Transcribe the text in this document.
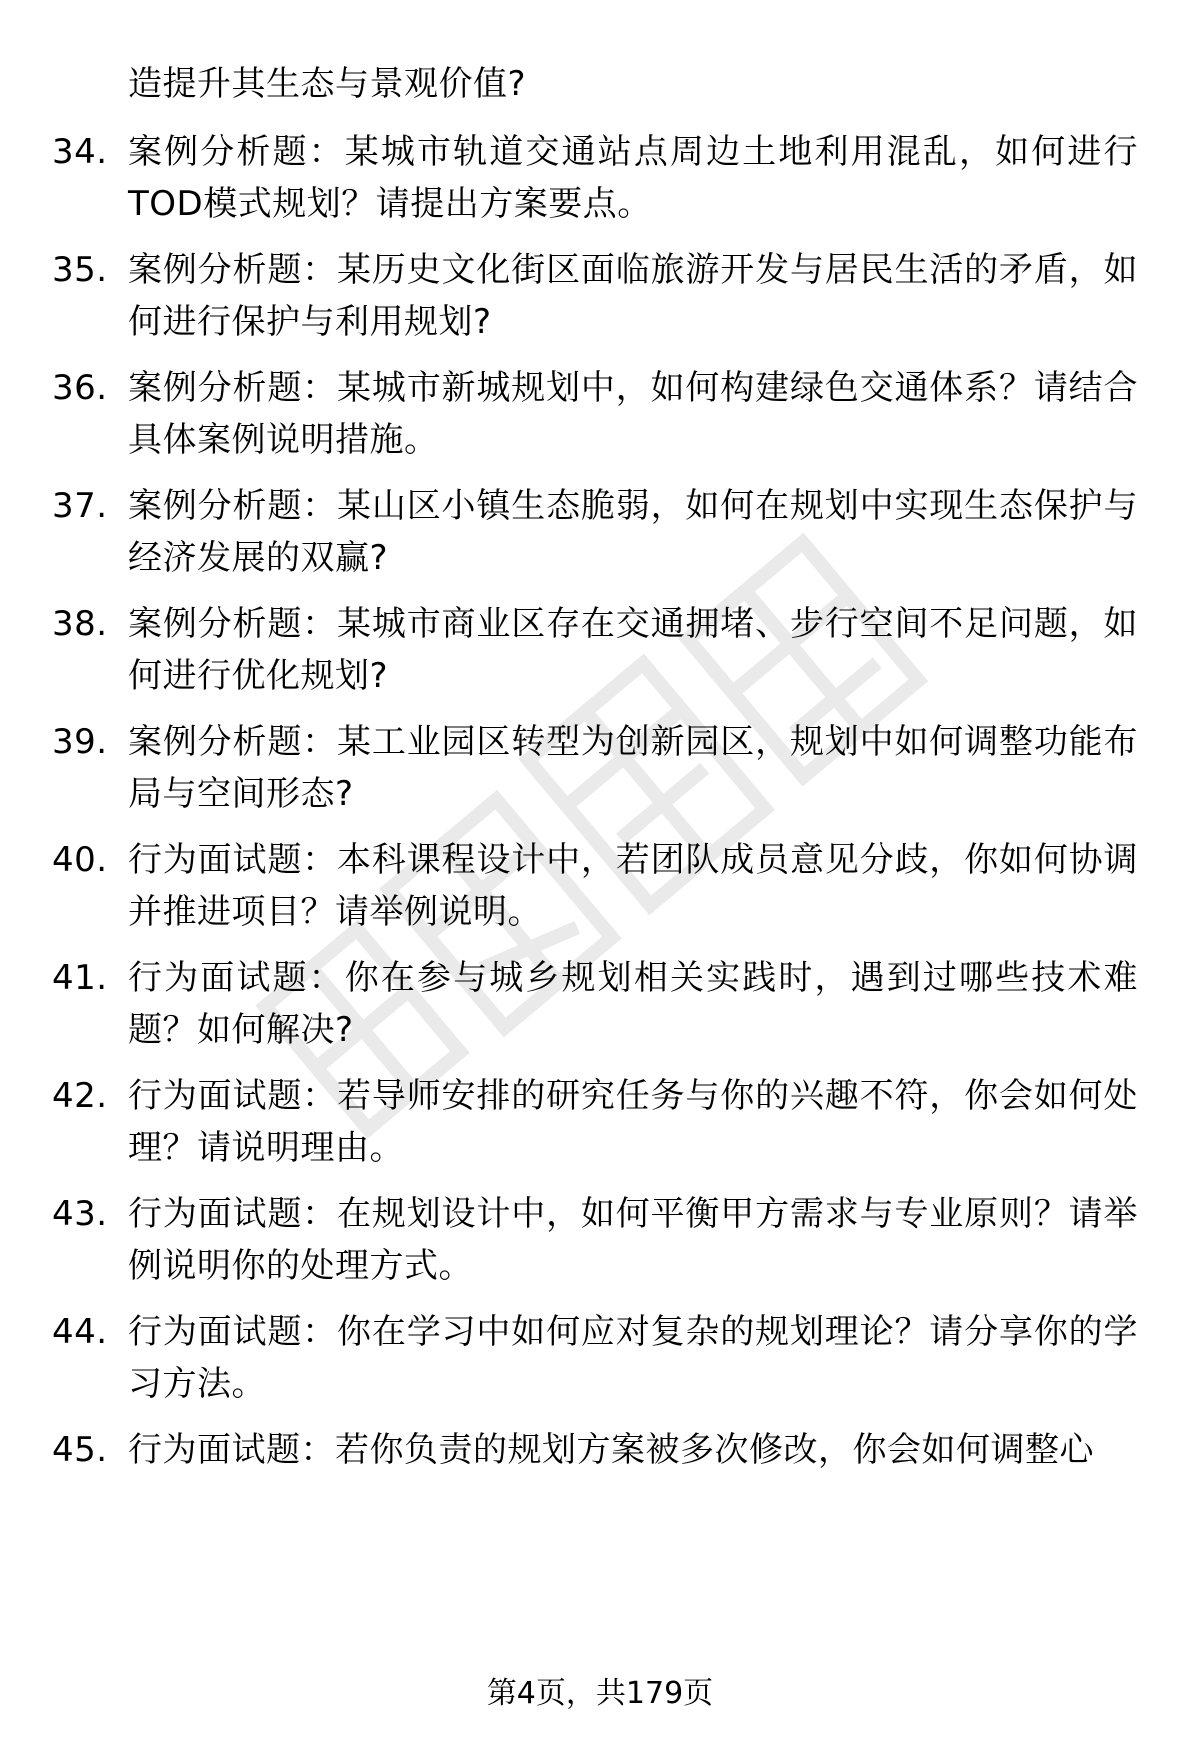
造提升其生态与景观价值?
34. 案例分析题：某城市轨道交通站点周边土地利用混乱，如何进行TOD模式规划？请提出方案要点。
35. 案例分析题：某历史文化街区面临旅游开发与居民生活的矛盾，如何进行保护与利用规划?
36. 案例分析题：某城市新城规划中，如何构建绿色交通体系？请结合具体案例说明措施。
37. 案例分析题：某山区小镇生态脆弱，如何在规划中实现生态保护与经济发展的双赢?
38. 案例分析题：某城市商业区存在交通拥堵、步行空间不足问题，如何进行优化规划?
39. 案例分析题：某工业园区转型为创新园区，规划中如何调整功能布局与空间形态?
40. 行为面试题：本科课程设计中，若团队成员意见分歧，你如何协调并推进项目？请举例说明。
41. 行为面试题：你在参与城乡规划相关实践时，遇到过哪些技术难题？如何解决?
42. 行为面试题：若导师安排的研究任务与你的兴趣不符，你会如何处理？请说明理由。
43. 行为面试题：在规划设计中，如何平衡甲方需求与专业原则？请举例说明你的处理方式。
44. 行为面试题：你在学习中如何应对复杂的规划理论？请分享你的学习方法。
45. 行为面试题：若你负责的规划方案被多次修改，你会如何调整心
第4页，共179页
